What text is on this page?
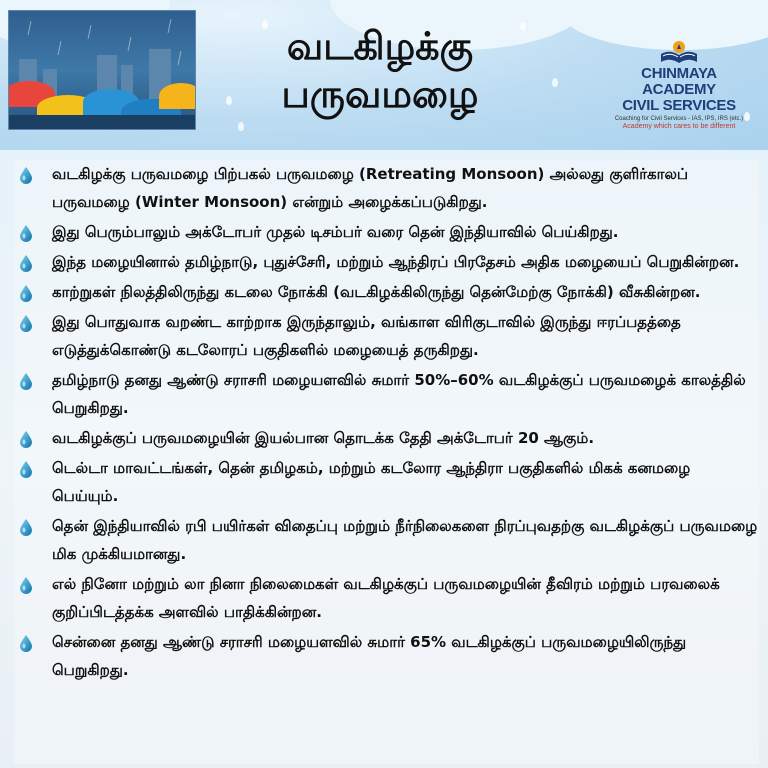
வடகிழக்கு
பருவமழை	CHINMAYA ACADEMY
CIVIL SERVICES
Coaching for Civil Services - IAS, IPS, IRS (etc.)
Academy which cares to be different
வடகிழக்கு பருவமழை பிற்பகல் பருவமழை (Retreating Monsoon) அல்லது குளிர்காலப் பருவமழை (Winter Monsoon) என்றும் அழைக்கப்படுகிறது.
இது பெரும்பாலும் அக்டோபர் முதல் டிசம்பர் வரை தென் இந்தியாவில் பெய்கிறது.
இந்த மழையினால் தமிழ்நாடு, புதுச்சேரி, மற்றும் ஆந்திரப் பிரதேசம் அதிக மழையைப் பெறுகின்றன.
காற்றுகள் நிலத்திலிருந்து கடலை நோக்கி (வடகிழக்கிலிருந்து தென்மேற்கு நோக்கி) வீசுகின்றன.
இது பொதுவாக வறண்ட காற்றாக இருந்தாலும், வங்காள விரிகுடாவில் இருந்து ஈரப்பதத்தை எடுத்துக்கொண்டு கடலோரப் பகுதிகளில் மழையைத் தருகிறது.
தமிழ்நாடு தனது ஆண்டு சராசரி மழையளவில் சுமார் 50%–60% வடகிழக்குப் பருவமழைக் காலத்தில் பெறுகிறது.
வடகிழக்குப் பருவமழையின் இயல்பான தொடக்க தேதி அக்டோபர் 20 ஆகும்.
டெல்டா மாவட்டங்கள், தென் தமிழகம், மற்றும் கடலோர ஆந்திரா பகுதிகளில் மிகக் கனமழை பெய்யும்.
தென் இந்தியாவில் ரபி பயிர்கள் விதைப்பு மற்றும் நீர்நிலைகளை நிரப்புவதற்கு வடகிழக்குப் பருவமழை மிக முக்கியமானது.
எல் நினோ மற்றும் லா நினா நிலைமைகள் வடகிழக்குப் பருவமழையின் தீவிரம் மற்றும் பரவலைக் குறிப்பிடத்தக்க அளவில் பாதிக்கின்றன.
சென்னை தனது ஆண்டு சராசரி மழையளவில் சுமார் 65% வடகிழக்குப் பருவமழையிலிருந்து பெறுகிறது.
